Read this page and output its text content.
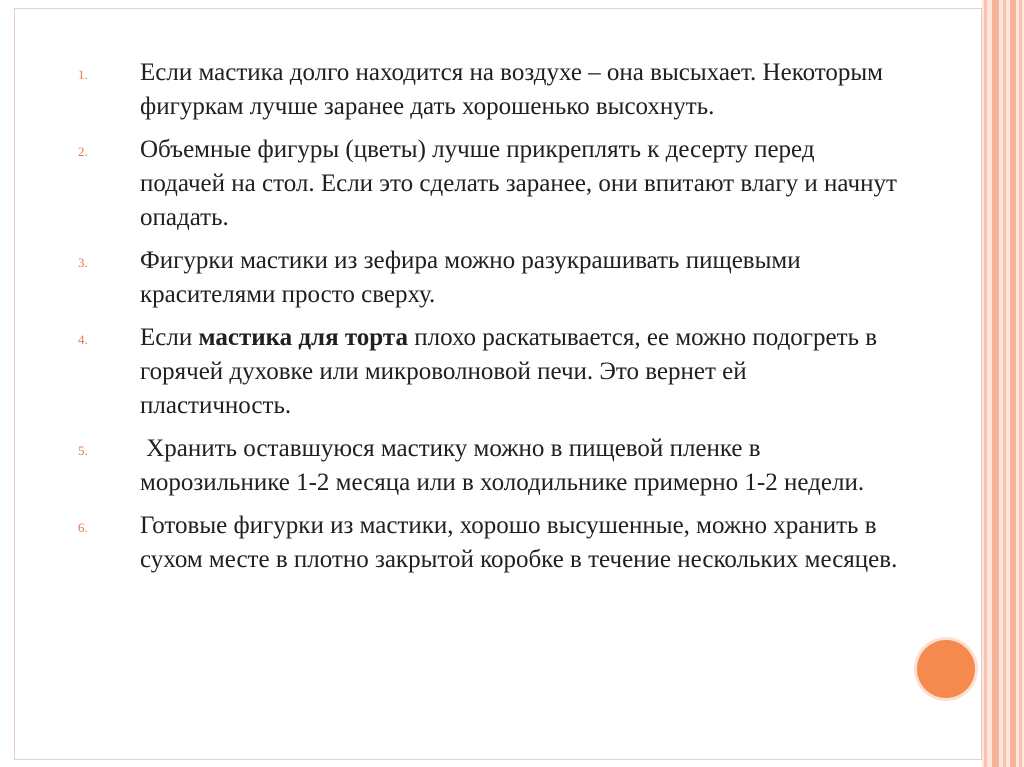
1.	Если мастика долго находится на воздухе – она высыхает. Некоторым фигуркам лучше заранее дать хорошенько высохнуть.

2.	Объемные фигуры (цветы) лучше прикреплять к десерту перед подачей на стол. Если это сделать заранее, они впитают влагу и начнут опадать.

3.	Фигурки мастики из зефира можно разукрашивать пищевыми красителями просто сверху.

4.	Если мастика для торта плохо раскатывается, ее можно подогреть в горячей духовке или микроволновой печи. Это вернет ей пластичность.

5.	Хранить оставшуюся мастику можно в пищевой пленке в морозильнике 1-2 месяца или в холодильнике примерно 1-2 недели.

6.	Готовые фигурки из мастики, хорошо высушенные, можно хранить в сухом месте в плотно закрытой коробке в течение нескольких месяцев.
